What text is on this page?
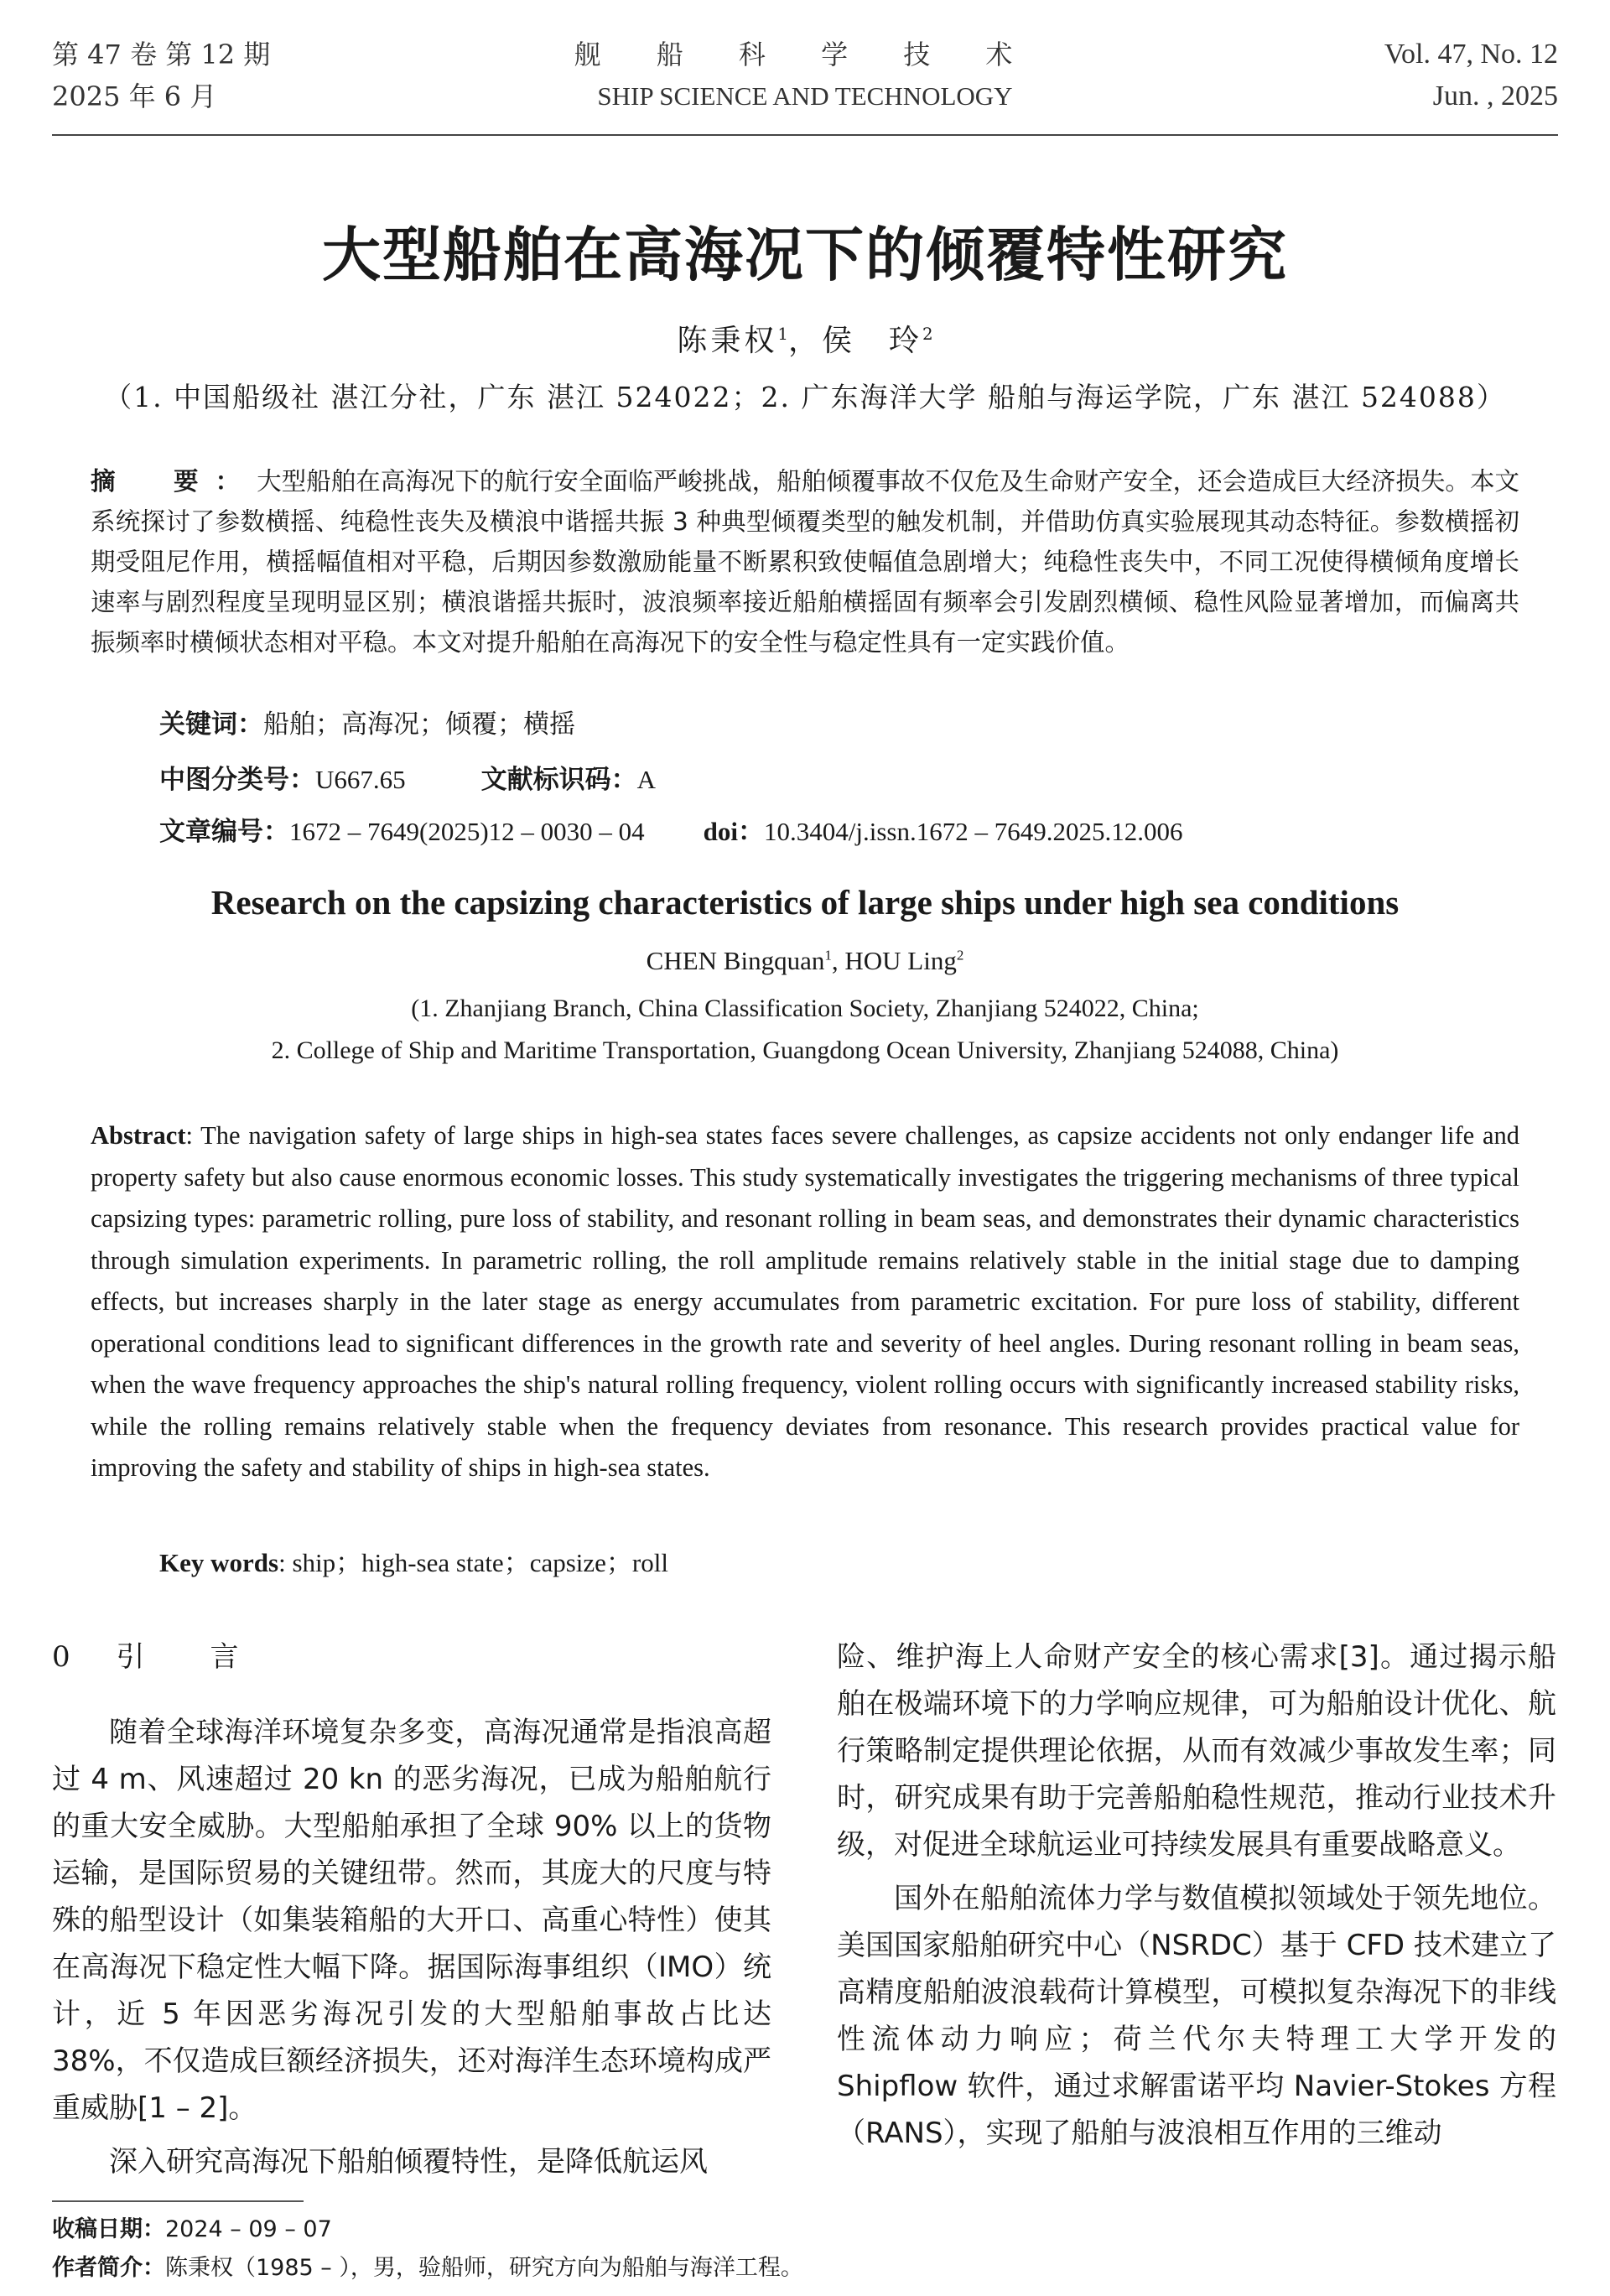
第 47 卷 第 12 期
2025 年 6 月
舰 船 科 学 技 术
SHIP SCIENCE AND TECHNOLOGY
Vol. 47, No. 12
Jun. , 2025
大型船舶在高海况下的倾覆特性研究
陈秉权$^1$，侯　玲$^2$
（1. 中国船级社 湛江分社，广东 湛江 524022；2. 广东海洋大学 船舶与海运学院，广东 湛江 524088）
摘　要：大型船舶在高海况下的航行安全面临严峻挑战，船舶倾覆事故不仅危及生命财产安全，还会造成巨大经济损失。本文系统探讨了参数横摇、纯稳性丧失及横浪中谐摇共振 3 种典型倾覆类型的触发机制，并借助仿真实验展现其动态特征。参数横摇初期受阻尼作用，横摇幅值相对平稳，后期因参数激励能量不断累积致使幅值急剧增大；纯稳性丧失中，不同工况使得横倾角度增长速率与剧烈程度呈现明显区别；横浪谐摇共振时，波浪频率接近船舶横摇固有频率会引发剧烈横倾、稳性风险显著增加，而偏离共振频率时横倾状态相对平稳。本文对提升船舶在高海况下的安全性与稳定性具有一定实践价值。
关键词：船舶；高海况；倾覆；横摇
中图分类号：U667.65	文献标识码：A
文章编号：1672 – 7649(2025)12 – 0030 – 04 doi：10.3404/j.issn.1672 – 7649.2025.12.006
Research on the capsizing characteristics of large ships under high sea conditions
CHEN Bingquan$^1$, HOU Ling$^2$
(1. Zhanjiang Branch, China Classification Society, Zhanjiang 524022, China;
2. College of Ship and Maritime Transportation, Guangdong Ocean University, Zhanjiang 524088, China)
Abstract: The navigation safety of large ships in high-sea states faces severe challenges, as capsize accidents not only endanger life and property safety but also cause enormous economic losses. This study systematically investigates the triggering mechanisms of three typical capsizing types: parametric rolling, pure loss of stability, and resonant rolling in beam seas, and demonstrates their dynamic characteristics through simulation experiments. In parametric rolling, the roll amplitude remains relatively stable in the initial stage due to damping effects, but increases sharply in the later stage as energy accumulates from parametric excitation. For pure loss of stability, different operational conditions lead to significant differences in the growth rate and severity of heel angles. During resonant rolling in beam seas, when the wave frequency approaches the ship's natural rolling frequency, violent rolling occurs with significantly increased stability risks, while the rolling remains relatively stable when the frequency deviates from resonance. This research provides practical value for improving the safety and stability of ships in high-sea states.
Key words: ship；high-sea state；capsize；roll
0 引　言

随着全球海洋环境复杂多变，高海况通常是指浪高超过 4 m、风速超过 20 kn 的恶劣海况，已成为船舶航行的重大安全威胁。大型船舶承担了全球 90% 以上的货物运输，是国际贸易的关键纽带。然而，其庞大的尺度与特殊的船型设计（如集装箱船的大开口、高重心特性）使其在高海况下稳定性大幅下降。据国际海事组织（IMO）统计，近 5 年因恶劣海况引发的大型船舶事故占比达 38%，不仅造成巨额经济损失，还对海洋生态环境构成严重威胁[1 – 2]。

深入研究高海况下船舶倾覆特性，是降低航运风

险、维护海上人命财产安全的核心需求[3]。通过揭示船舶在极端环境下的力学响应规律，可为船舶设计优化、航行策略制定提供理论依据，从而有效减少事故发生率；同时，研究成果有助于完善船舶稳性规范，推动行业技术升级，对促进全球航运业可持续发展具有重要战略意义。

国外在船舶流体力学与数值模拟领域处于领先地位。美国国家船舶研究中心（NSRDC）基于 CFD 技术建立了高精度船舶波浪载荷计算模型，可模拟复杂海况下的非线性流体动力响应；荷兰代尔夫特理工大学开发的 Shipflow 软件，通过求解雷诺平均 Navier-Stokes 方程（RANS），实现了船舶与波浪相互作用的三维动

收稿日期：2024 – 09 – 07
作者简介：陈秉权（1985 – ），男，验船师，研究方向为船舶与海洋工程。
